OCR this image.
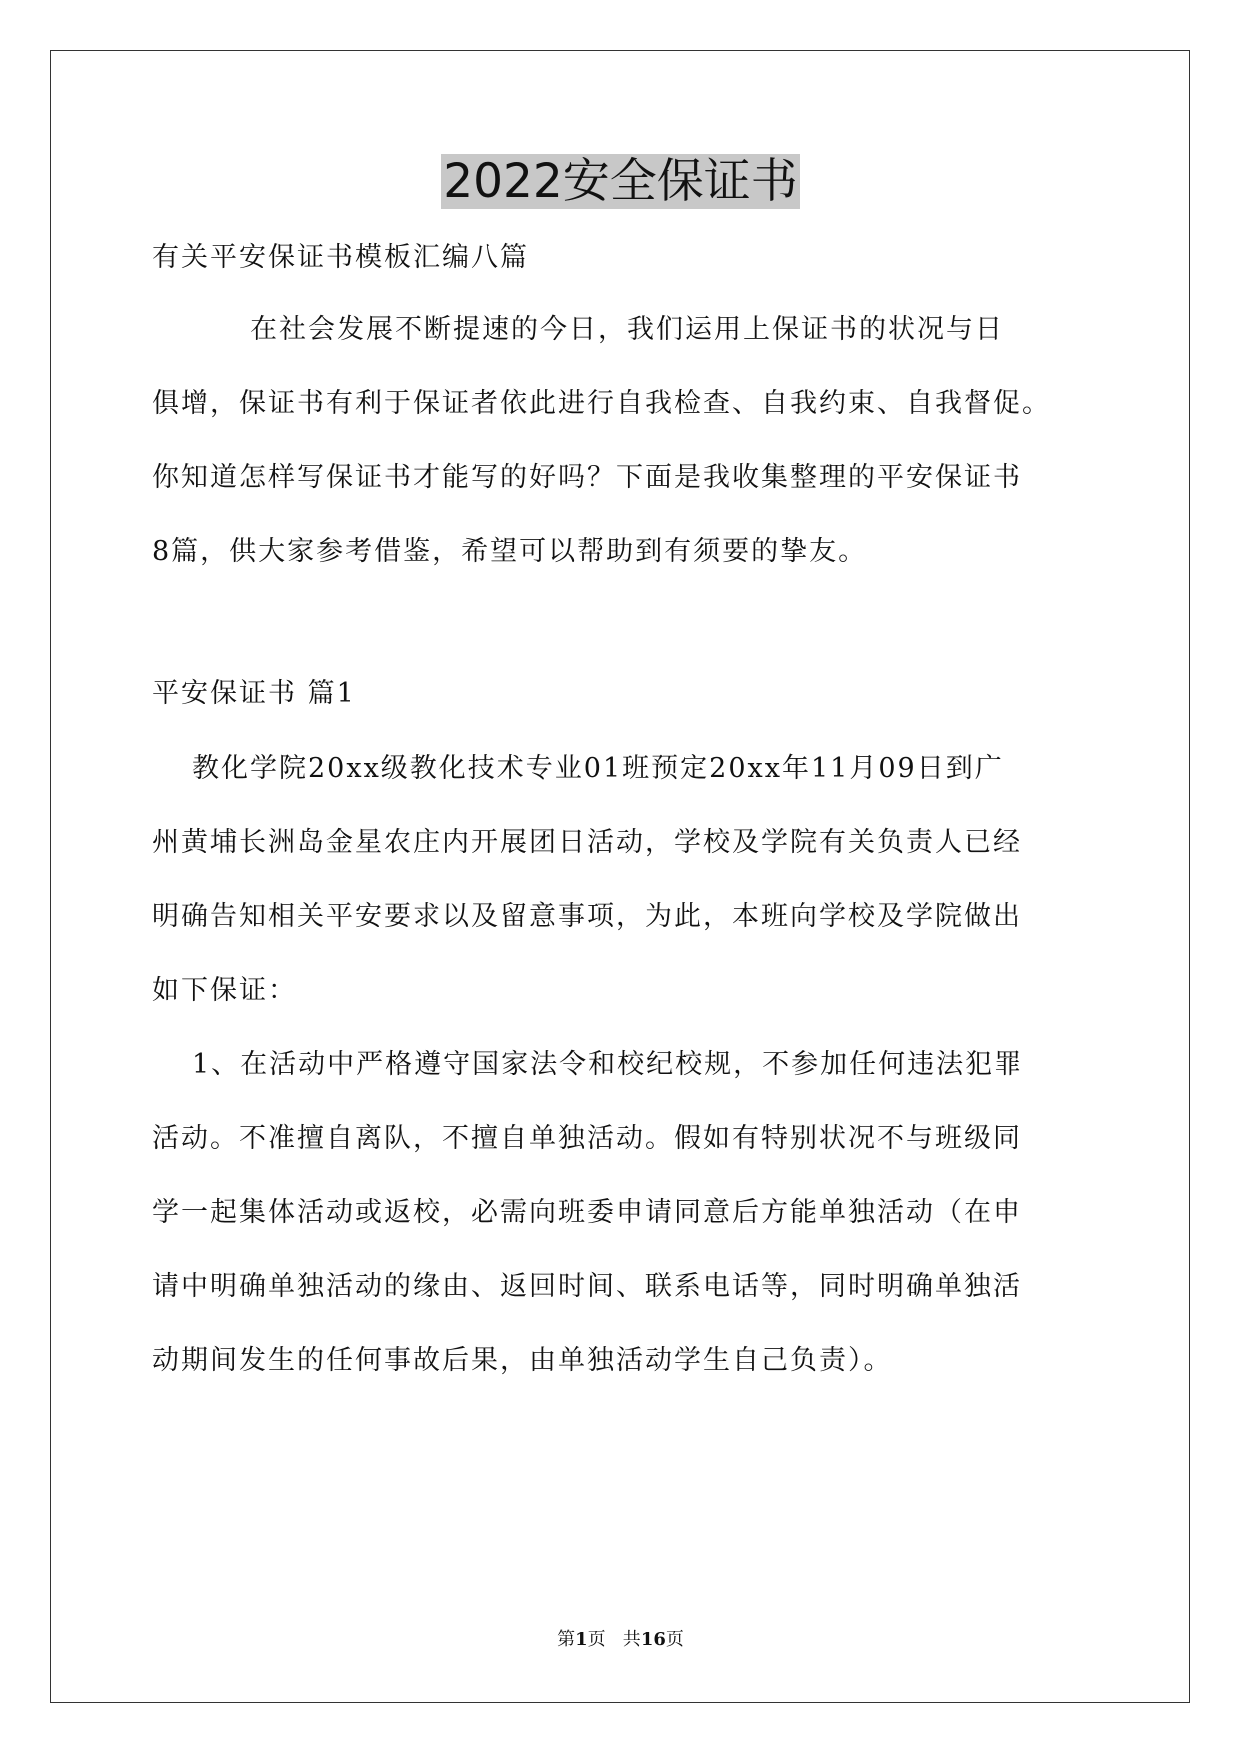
2022安全保证书
有关平安保证书模板汇编八篇
在社会发展不断提速的今日，我们运用上保证书的状况与日
俱增，保证书有利于保证者依此进行自我检查、自我约束、自我督促。
你知道怎样写保证书才能写的好吗？下面是我收集整理的平安保证书
8篇，供大家参考借鉴，希望可以帮助到有须要的挚友。
平安保证书 篇1
教化学院20xx级教化技术专业01班预定20xx年11月09日到广
州黄埔长洲岛金星农庄内开展团日活动，学校及学院有关负责人已经
明确告知相关平安要求以及留意事项，为此，本班向学校及学院做出
如下保证：
1、在活动中严格遵守国家法令和校纪校规，不参加任何违法犯罪
活动。不准擅自离队，不擅自单独活动。假如有特别状况不与班级同
学一起集体活动或返校，必需向班委申请同意后方能单独活动（在申
请中明确单独活动的缘由、返回时间、联系电话等，同时明确单独活
动期间发生的任何事故后果，由单独活动学生自己负责）。
第1页   共16页
